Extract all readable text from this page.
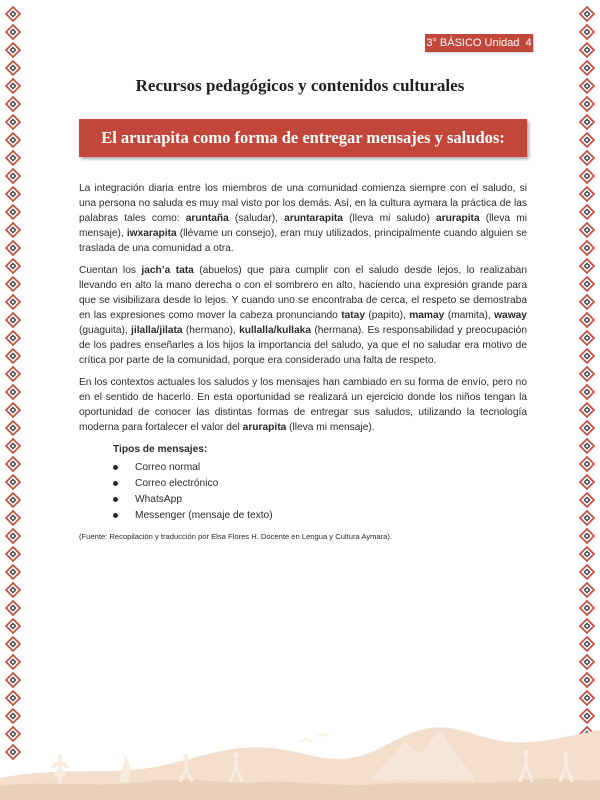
3° BÁSICO Unidad  4
Recursos pedagógicos y contenidos culturales
El arurapita como forma de entregar mensajes y saludos:

La integración diaria entre los miembros de una comunidad comienza siempre con el saludo, si una persona no saluda es muy mal visto por los demás. Así, en la cultura aymara la práctica de las palabras tales como: aruntaña (saludar), aruntarapita (lleva mi saludo) arurapita (lleva mi mensaje), iwxarapita (llévame un consejo), eran muy utilizados, principalmente cuando alguien se traslada de una comunidad a otra.

Cuentan los jach’a tata (abuelos) que para cumplir con el saludo desde lejos, lo realizaban llevando en alto la mano derecha o con el sombrero en alto, haciendo una expresión grande para que se visibilizara desde lo lejos. Y cuando uno se encontraba de cerca, el respeto se demostraba en las expresiones como mover la cabeza pronunciando tatay (papito), mamay (mamita), waway (guaguita), jilalla/jilata (hermano), kullalla/kullaka (hermana). Es responsabilidad y preocupación de los padres enseñarles a los hijos la importancia del saludo, ya que el no saludar era motivo de crítica por parte de la comunidad, porque era considerado una falta de respeto.

En los contextos actuales los saludos y los mensajes han cambiado en su forma de envío, pero no en el sentido de hacerlo. En esta oportunidad se realizará un ejercicio donde los niños tengan la oportunidad de conocer las distintas formas de entregar sus saludos, utilizando la tecnología moderna para fortalecer el valor del arurapita (lleva mi mensaje).

Tipos de mensajes:
Correo normal
Correo electrónico
WhatsApp
Messenger (mensaje de texto)
(Fuente: Recopilación y traducción por Elsa Flores H. Docente en Lengua y Cultura Aymara).
